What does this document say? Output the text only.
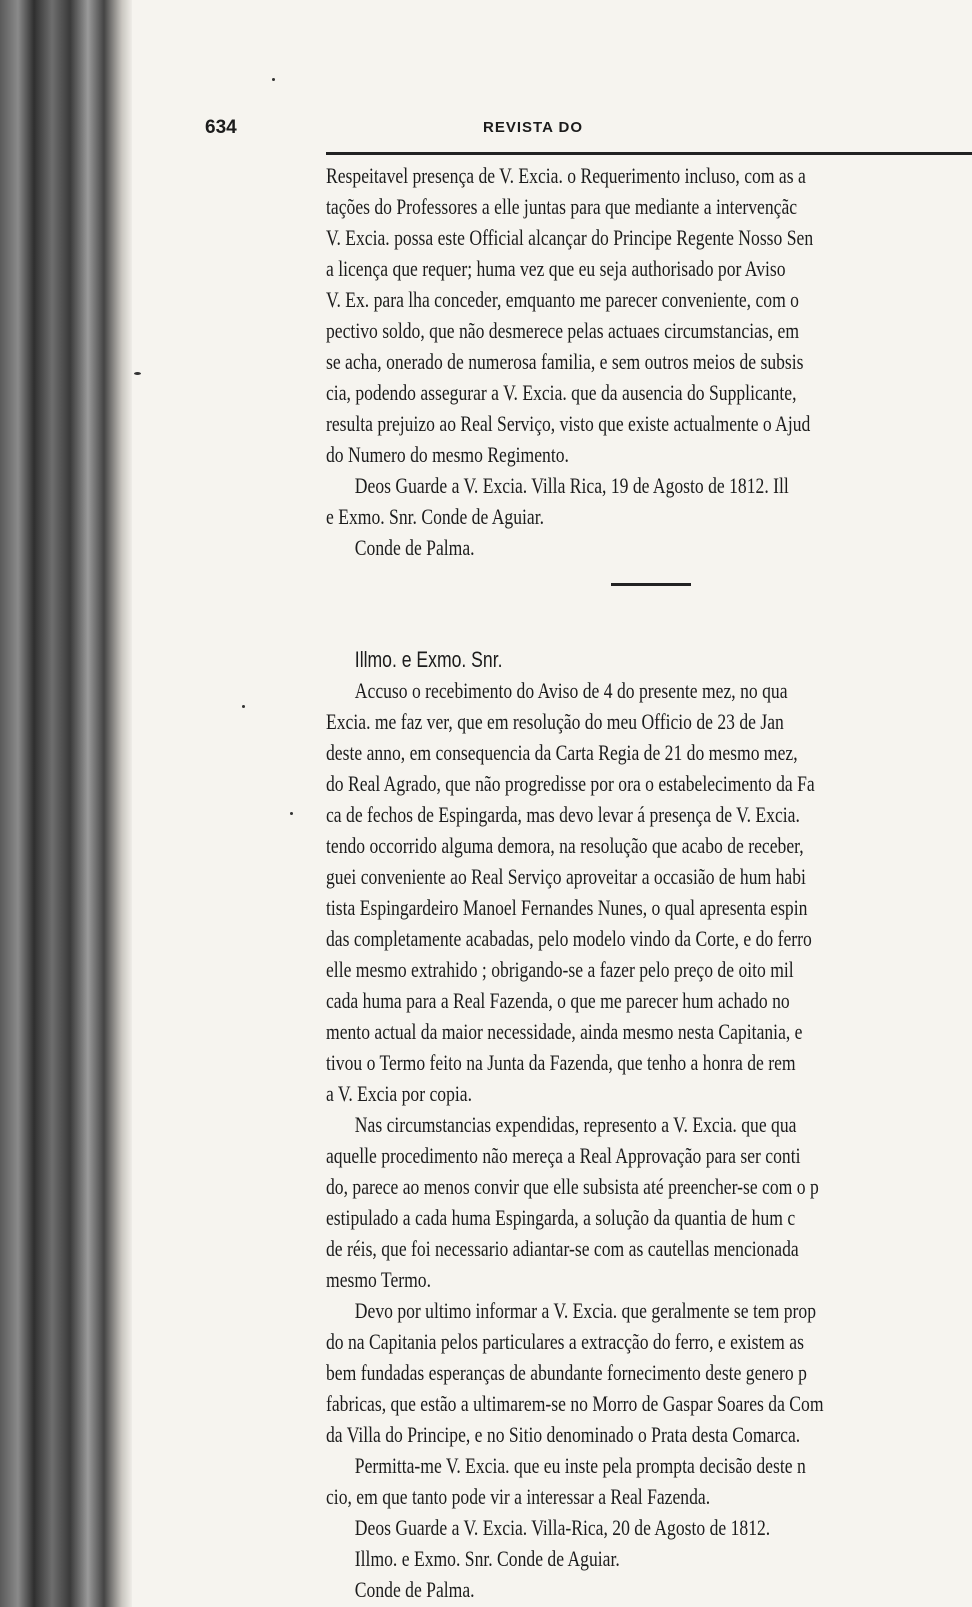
634	REVISTA DO
Respeitavel presença de V. Excia. o Requerimento incluso, com as a
tações do Professores a elle juntas para que mediante a intervençãc
V. Excia. possa este Official alcançar do Principe Regente Nosso Sen
a licença que requer; huma vez que eu seja authorisado por Aviso
V. Ex. para lha conceder, emquanto me parecer conveniente, com o
pectivo soldo, que não desmerece pelas actuaes circumstancias, em
se acha, onerado de numerosa familia, e sem outros meios de subsis
cia, podendo assegurar a V. Excia. que da ausencia do Supplicante,
resulta prejuizo ao Real Serviço, visto que existe actualmente o Ajud
do Numero do mesmo Regimento.
Deos Guarde a V. Excia. Villa Rica, 19 de Agosto de 1812. Ill
e Exmo. Snr. Conde de Aguiar.
Conde de Palma.
Illmo. e Exmo. Snr.
Accuso o recebimento do Aviso de 4 do presente mez, no qua
Excia. me faz ver, que em resolução do meu Officio de 23 de Jan
deste anno, em consequencia da Carta Regia de 21 do mesmo mez,
do Real Agrado, que não progredisse por ora o estabelecimento da Fa
ca de fechos de Espingarda, mas devo levar á presença de V. Excia.
tendo occorrido alguma demora, na resolução que acabo de receber,
guei conveniente ao Real Serviço aproveitar a occasião de hum habi
tista Espingardeiro Manoel Fernandes Nunes, o qual apresenta espin
das completamente acabadas, pelo modelo vindo da Corte, e do ferro
elle mesmo extrahido ; obrigando-se a fazer pelo preço de oito mil
cada huma para a Real Fazenda, o que me parecer hum achado no
mento actual da maior necessidade, ainda mesmo nesta Capitania, e
tivou o Termo feito na Junta da Fazenda, que tenho a honra de rem
a V. Excia por copia.
Nas circumstancias expendidas, represento a V. Excia. que qua
aquelle procedimento não mereça a Real Approvação para ser conti
do, parece ao menos convir que elle subsista até preencher-se com o p
estipulado a cada huma Espingarda, a solução da quantia de hum c
de réis, que foi necessario adiantar-se com as cautellas mencionada
mesmo Termo.
Devo por ultimo informar a V. Excia. que geralmente se tem prop
do na Capitania pelos particulares a extracção do ferro, e existem as
bem fundadas esperanças de abundante fornecimento deste genero p
fabricas, que estão a ultimarem-se no Morro de Gaspar Soares da Com
da Villa do Principe, e no Sitio denominado o Prata desta Comarca.
Permitta-me V. Excia. que eu inste pela prompta decisão deste n
cio, em que tanto pode vir a interessar a Real Fazenda.
Deos Guarde a V. Excia. Villa-Rica, 20 de Agosto de 1812.
Illmo. e Exmo. Snr. Conde de Aguiar.
Conde de Palma.
